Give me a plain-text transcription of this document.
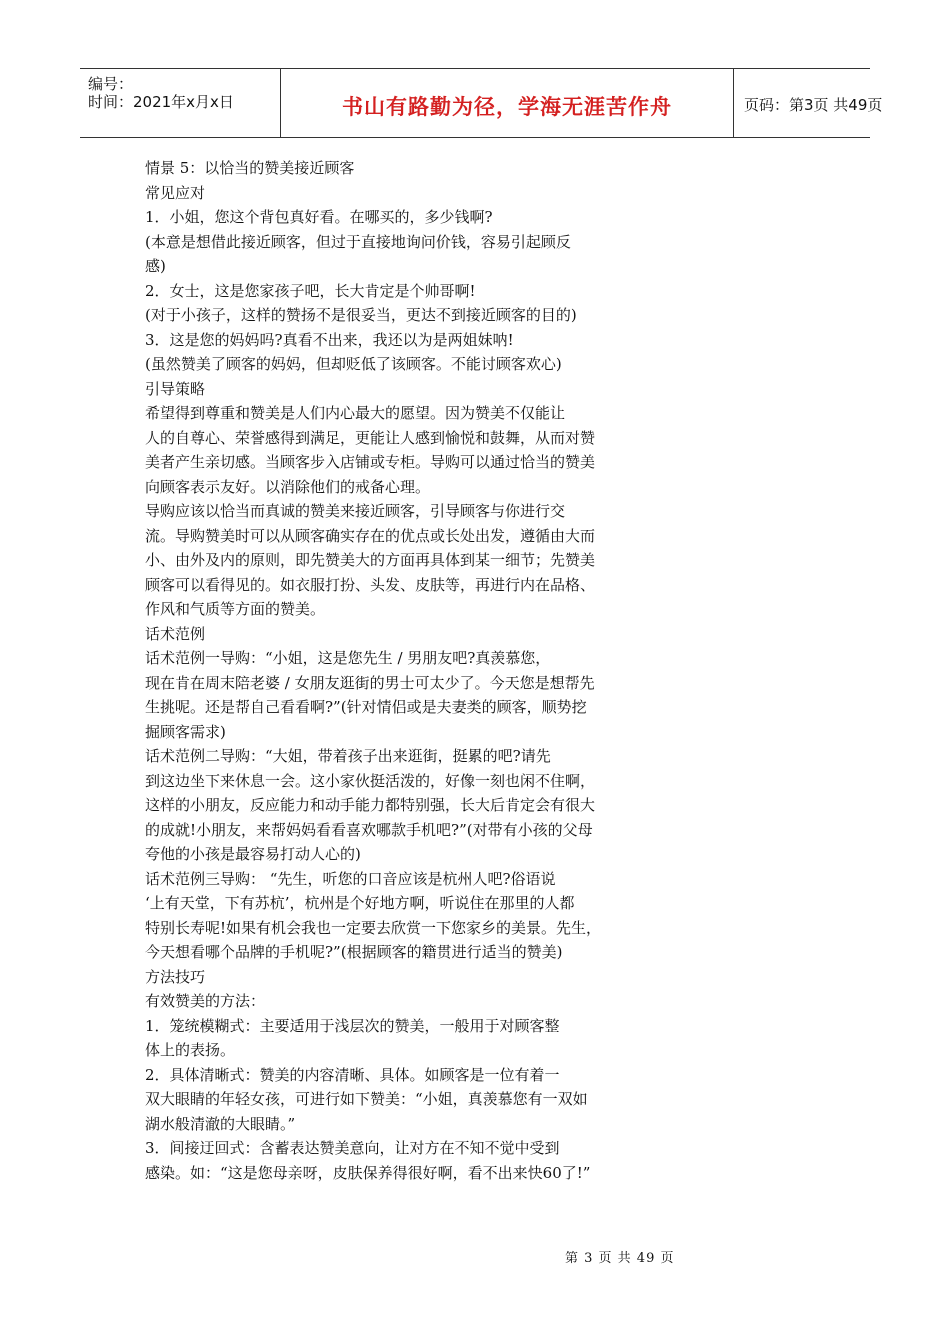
编号：
时间：2021年x月x日	书山有路勤为径，学海无涯苦作舟	页码：第3页 共49页
情景 5：以恰当的赞美接近顾客
常见应对
1．小姐，您这个背包真好看。在哪买的，多少钱啊?
(本意是想借此接近顾客，但过于直接地询问价钱，容易引起顾反
感)
2．女士，这是您家孩子吧，长大肯定是个帅哥啊!
(对于小孩子，这样的赞扬不是很妥当，更达不到接近顾客的目的)
3．这是您的妈妈吗?真看不出来，我还以为是两姐妹呐!
(虽然赞美了顾客的妈妈，但却贬低了该顾客。不能讨顾客欢心)
引导策略
希望得到尊重和赞美是人们内心最大的愿望。因为赞美不仅能让
人的自尊心、荣誉感得到满足，更能让人感到愉悦和鼓舞，从而对赞
美者产生亲切感。当顾客步入店铺或专柜。导购可以通过恰当的赞美
向顾客表示友好。以消除他们的戒备心理。
导购应该以恰当而真诚的赞美来接近顾客，引导顾客与你进行交
流。导购赞美时可以从顾客确实存在的优点或长处出发，遵循由大而
小、由外及内的原则，即先赞美大的方面再具体到某一细节；先赞美
顾客可以看得见的。如衣服打扮、头发、皮肤等，再进行内在品格、
作风和气质等方面的赞美。
话术范例
话术范例一导购：“小姐，这是您先生 / 男朋友吧?真羡慕您，
现在肯在周末陪老婆 / 女朋友逛街的男士可太少了。今天您是想帮先
生挑呢。还是帮自己看看啊?”(针对情侣或是夫妻类的顾客，顺势挖
掘顾客需求)
话术范例二导购：“大姐，带着孩子出来逛街，挺累的吧?请先
到这边坐下来休息一会。这小家伙挺活泼的，好像一刻也闲不住啊，
这样的小朋友，反应能力和动手能力都特别强，长大后肯定会有很大
的成就!小朋友，来帮妈妈看看喜欢哪款手机吧?”(对带有小孩的父母
夸他的小孩是最容易打动人心的)
话术范例三导购： “先生，听您的口音应该是杭州人吧?俗语说
‘上有天堂，下有苏杭’，杭州是个好地方啊，听说住在那里的人都
特别长寿呢!如果有机会我也一定要去欣赏一下您家乡的美景。先生，
今天想看哪个品牌的手机呢?”(根据顾客的籍贯进行适当的赞美)
方法技巧
有效赞美的方法：
1．笼统模糊式：主要适用于浅层次的赞美，一般用于对顾客整
体上的表扬。
2．具体清晰式：赞美的内容清晰、具体。如顾客是一位有着一
双大眼睛的年轻女孩，可进行如下赞美：“小姐，真羡慕您有一双如
湖水般清澈的大眼睛。”
3．间接迂回式：含蓄表达赞美意向，让对方在不知不觉中受到
感染。如：“这是您母亲呀，皮肤保养得很好啊，看不出来快60了!”
第 3 页 共 49 页
